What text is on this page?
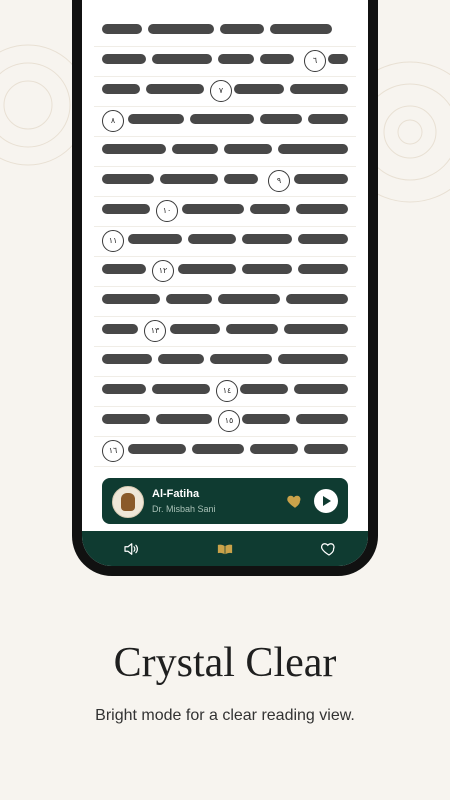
٦
٧
٨
٩
١٠
١١
١٢
١٣
١٤
١٥
١٦
Al-Fatiha
Dr. Misbah Sani
Crystal Clear
Bright mode for a clear reading view.
